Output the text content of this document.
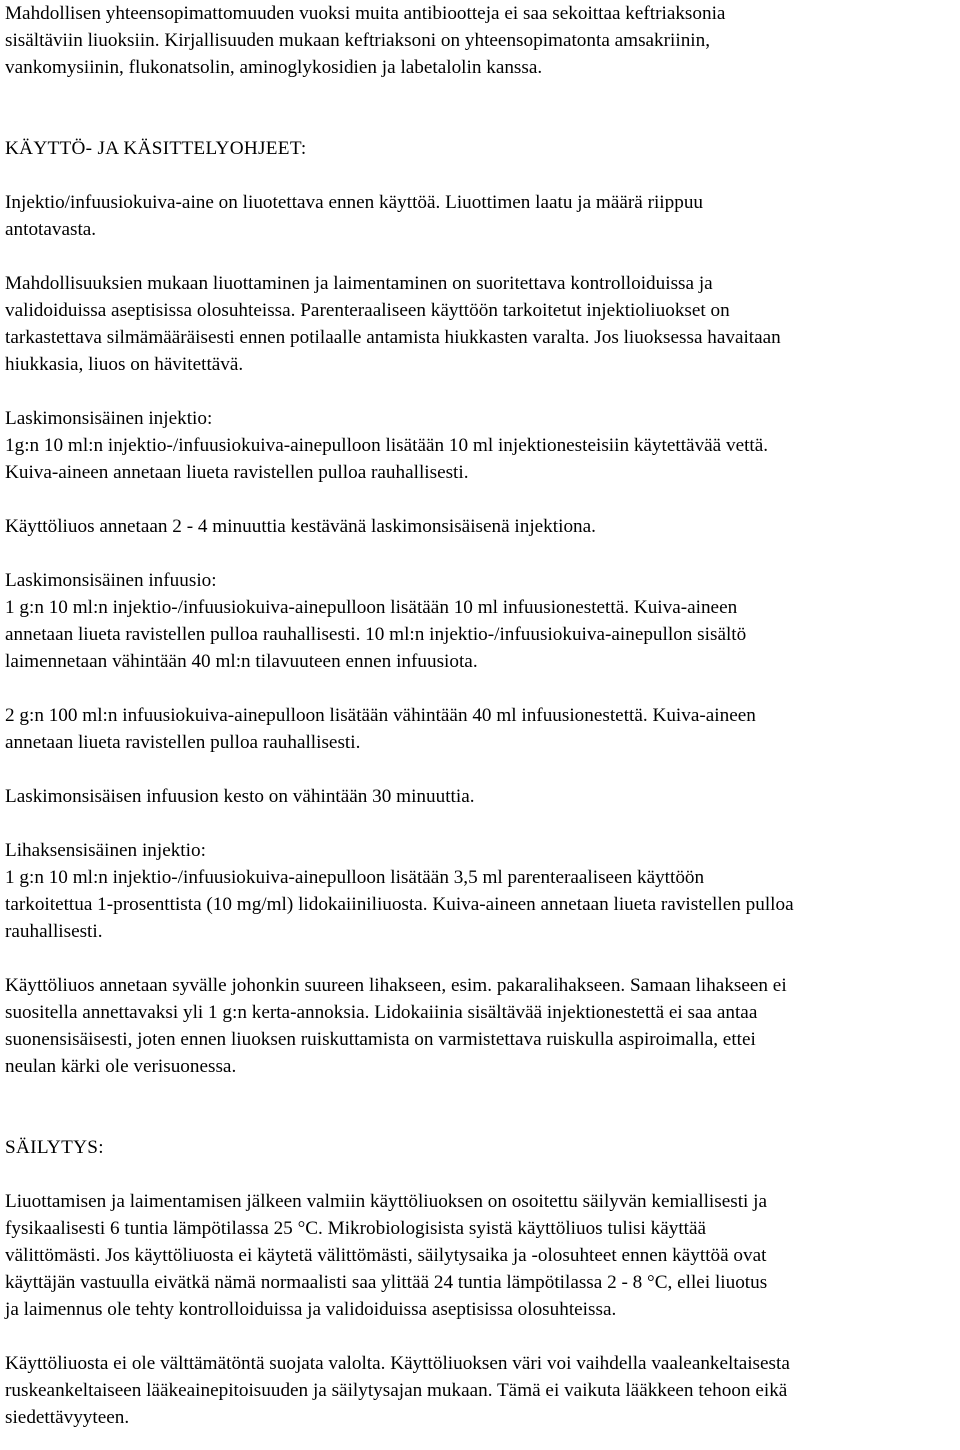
Mahdollisen yhteensopimattomuuden vuoksi muita antibiootteja ei saa sekoittaa keftriaksonia
sisältäviin liuoksiin. Kirjallisuuden mukaan keftriaksoni on yhteensopimatonta amsakriinin,
vankomysiinin, flukonatsolin, aminoglykosidien ja labetalolin kanssa.

KÄYTTÖ- JA KÄSITTELYOHJEET:

Injektio/infuusiokuiva-aine on liuotettava ennen käyttöä. Liuottimen laatu ja määrä riippuu
antotavasta.

Mahdollisuuksien mukaan liuottaminen ja laimentaminen on suoritettava kontrolloiduissa ja
validoiduissa aseptisissa olosuhteissa. Parenteraaliseen käyttöön tarkoitetut injektioliuokset on
tarkastettava silmämääräisesti ennen potilaalle antamista hiukkasten varalta. Jos liuoksessa havaitaan
hiukkasia, liuos on hävitettävä.

Laskimonsisäinen injektio:
1g:n 10 ml:n injektio-/infuusiokuiva-ainepulloon lisätään 10 ml injektionesteisiin käytettävää vettä.
Kuiva-aineen annetaan liueta ravistellen pulloa rauhallisesti.

Käyttöliuos annetaan 2 - 4 minuuttia kestävänä laskimonsisäisenä injektiona.

Laskimonsisäinen infuusio:
1 g:n 10 ml:n injektio-/infuusiokuiva-ainepulloon lisätään 10 ml infuusionestettä. Kuiva-aineen
annetaan liueta ravistellen pulloa rauhallisesti. 10 ml:n injektio-/infuusiokuiva-ainepullon sisältö
laimennetaan vähintään 40 ml:n tilavuuteen ennen infuusiota.

2 g:n 100 ml:n infuusiokuiva-ainepulloon lisätään vähintään 40 ml infuusionestettä. Kuiva-aineen
annetaan liueta ravistellen pulloa rauhallisesti.

Laskimonsisäisen infuusion kesto on vähintään 30 minuuttia.

Lihaksensisäinen injektio:
1 g:n 10 ml:n injektio-/infuusiokuiva-ainepulloon lisätään 3,5 ml parenteraaliseen käyttöön
tarkoitettua 1-prosenttista (10 mg/ml) lidokaiiniliuosta. Kuiva-aineen annetaan liueta ravistellen pulloa
rauhallisesti.

Käyttöliuos annetaan syvälle johonkin suureen lihakseen, esim. pakaralihakseen. Samaan lihakseen ei
suositella annettavaksi yli 1 g:n kerta-annoksia. Lidokaiinia sisältävää injektionestettä ei saa antaa
suonensisäisesti, joten ennen liuoksen ruiskuttamista on varmistettava ruiskulla aspiroimalla, ettei
neulan kärki ole verisuonessa.

SÄILYTYS:

Liuottamisen ja laimentamisen jälkeen valmiin käyttöliuoksen on osoitettu säilyvän kemiallisesti ja
fysikaalisesti 6 tuntia lämpötilassa 25 °C. Mikrobiologisista syistä käyttöliuos tulisi käyttää
välittömästi. Jos käyttöliuosta ei käytetä välittömästi, säilytysaika ja -olosuhteet ennen käyttöä ovat
käyttäjän vastuulla eivätkä nämä normaalisti saa ylittää 24 tuntia lämpötilassa 2 - 8 °C, ellei liuotus
ja laimennus ole tehty kontrolloiduissa ja validoiduissa aseptisissa olosuhteissa.

Käyttöliuosta ei ole välttämätöntä suojata valolta. Käyttöliuoksen väri voi vaihdella vaaleankeltaisesta
ruskeankeltaiseen lääkeainepitoisuuden ja säilytysajan mukaan. Tämä ei vaikuta lääkkeen tehoon eikä
siedettävyyteen.
